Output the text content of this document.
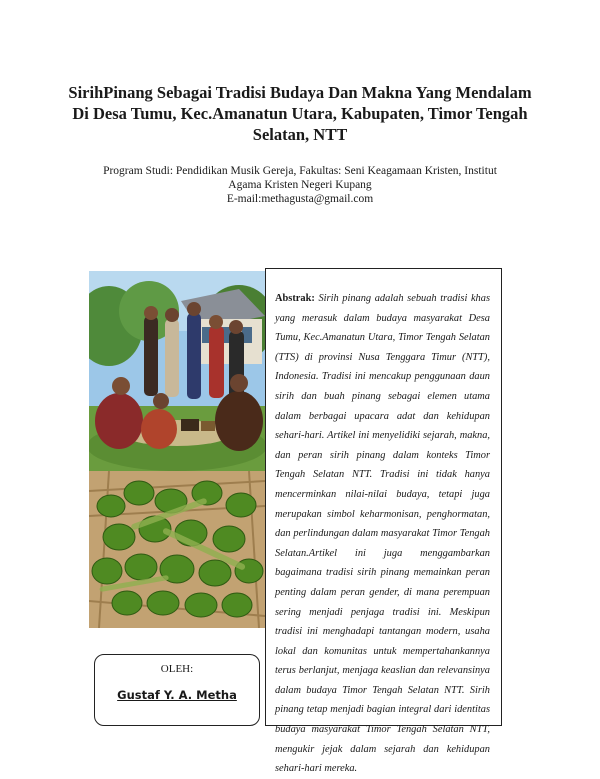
SirihPinang Sebagai Tradisi Budaya Dan Makna Yang Mendalam Di Desa Tumu, Kec.Amanatun Utara, Kabupaten, Timor Tengah Selatan, NTT
Program Studi: Pendidikan Musik Gereja, Fakultas: Seni Keagamaan Kristen, Institut
Agama Kristen Negeri Kupang
E-mail:methagusta@gmail.com
Abstrak: Sirih pinang adalah sebuah tradisi khas yang merasuk dalam budaya masyarakat Desa Tumu, Kec.Amanatun Utara, Timor Tengah Selatan (TTS) di provinsi Nusa Tenggara Timur (NTT), Indonesia. Tradisi ini mencakup penggunaan daun sirih dan buah pinang sebagai elemen utama dalam berbagai upacara adat dan kehidupan sehari-hari. Artikel ini menyelidiki sejarah, makna, dan peran sirih pinang dalam konteks Timor Tengah Selatan NTT. Tradisi ini tidak hanya mencerminkan nilai-nilai budaya, tetapi juga merupakan simbol keharmonisan, penghormatan, dan perlindungan dalam masyarakat Timor Tengah Selatan.Artikel ini juga menggambarkan bagaimana tradisi sirih pinang memainkan peran penting dalam peran gender, di mana perempuan sering menjadi penjaga tradisi ini. Meskipun tradisi ini menghadapi tantangan modern, usaha lokal dan komunitas untuk mempertahankannya terus berlanjut, menjaga keaslian dan relevansinya dalam budaya Timor Tengah Selatan NTT. Sirih pinang tetap menjadi bagian integral dari identitas budaya masyarakat Timor Tengah Selatan NTT, mengukir jejak dalam sejarah dan kehidupan sehari-hari mereka.
OLEH:
Gustaf Y. A. Metha
